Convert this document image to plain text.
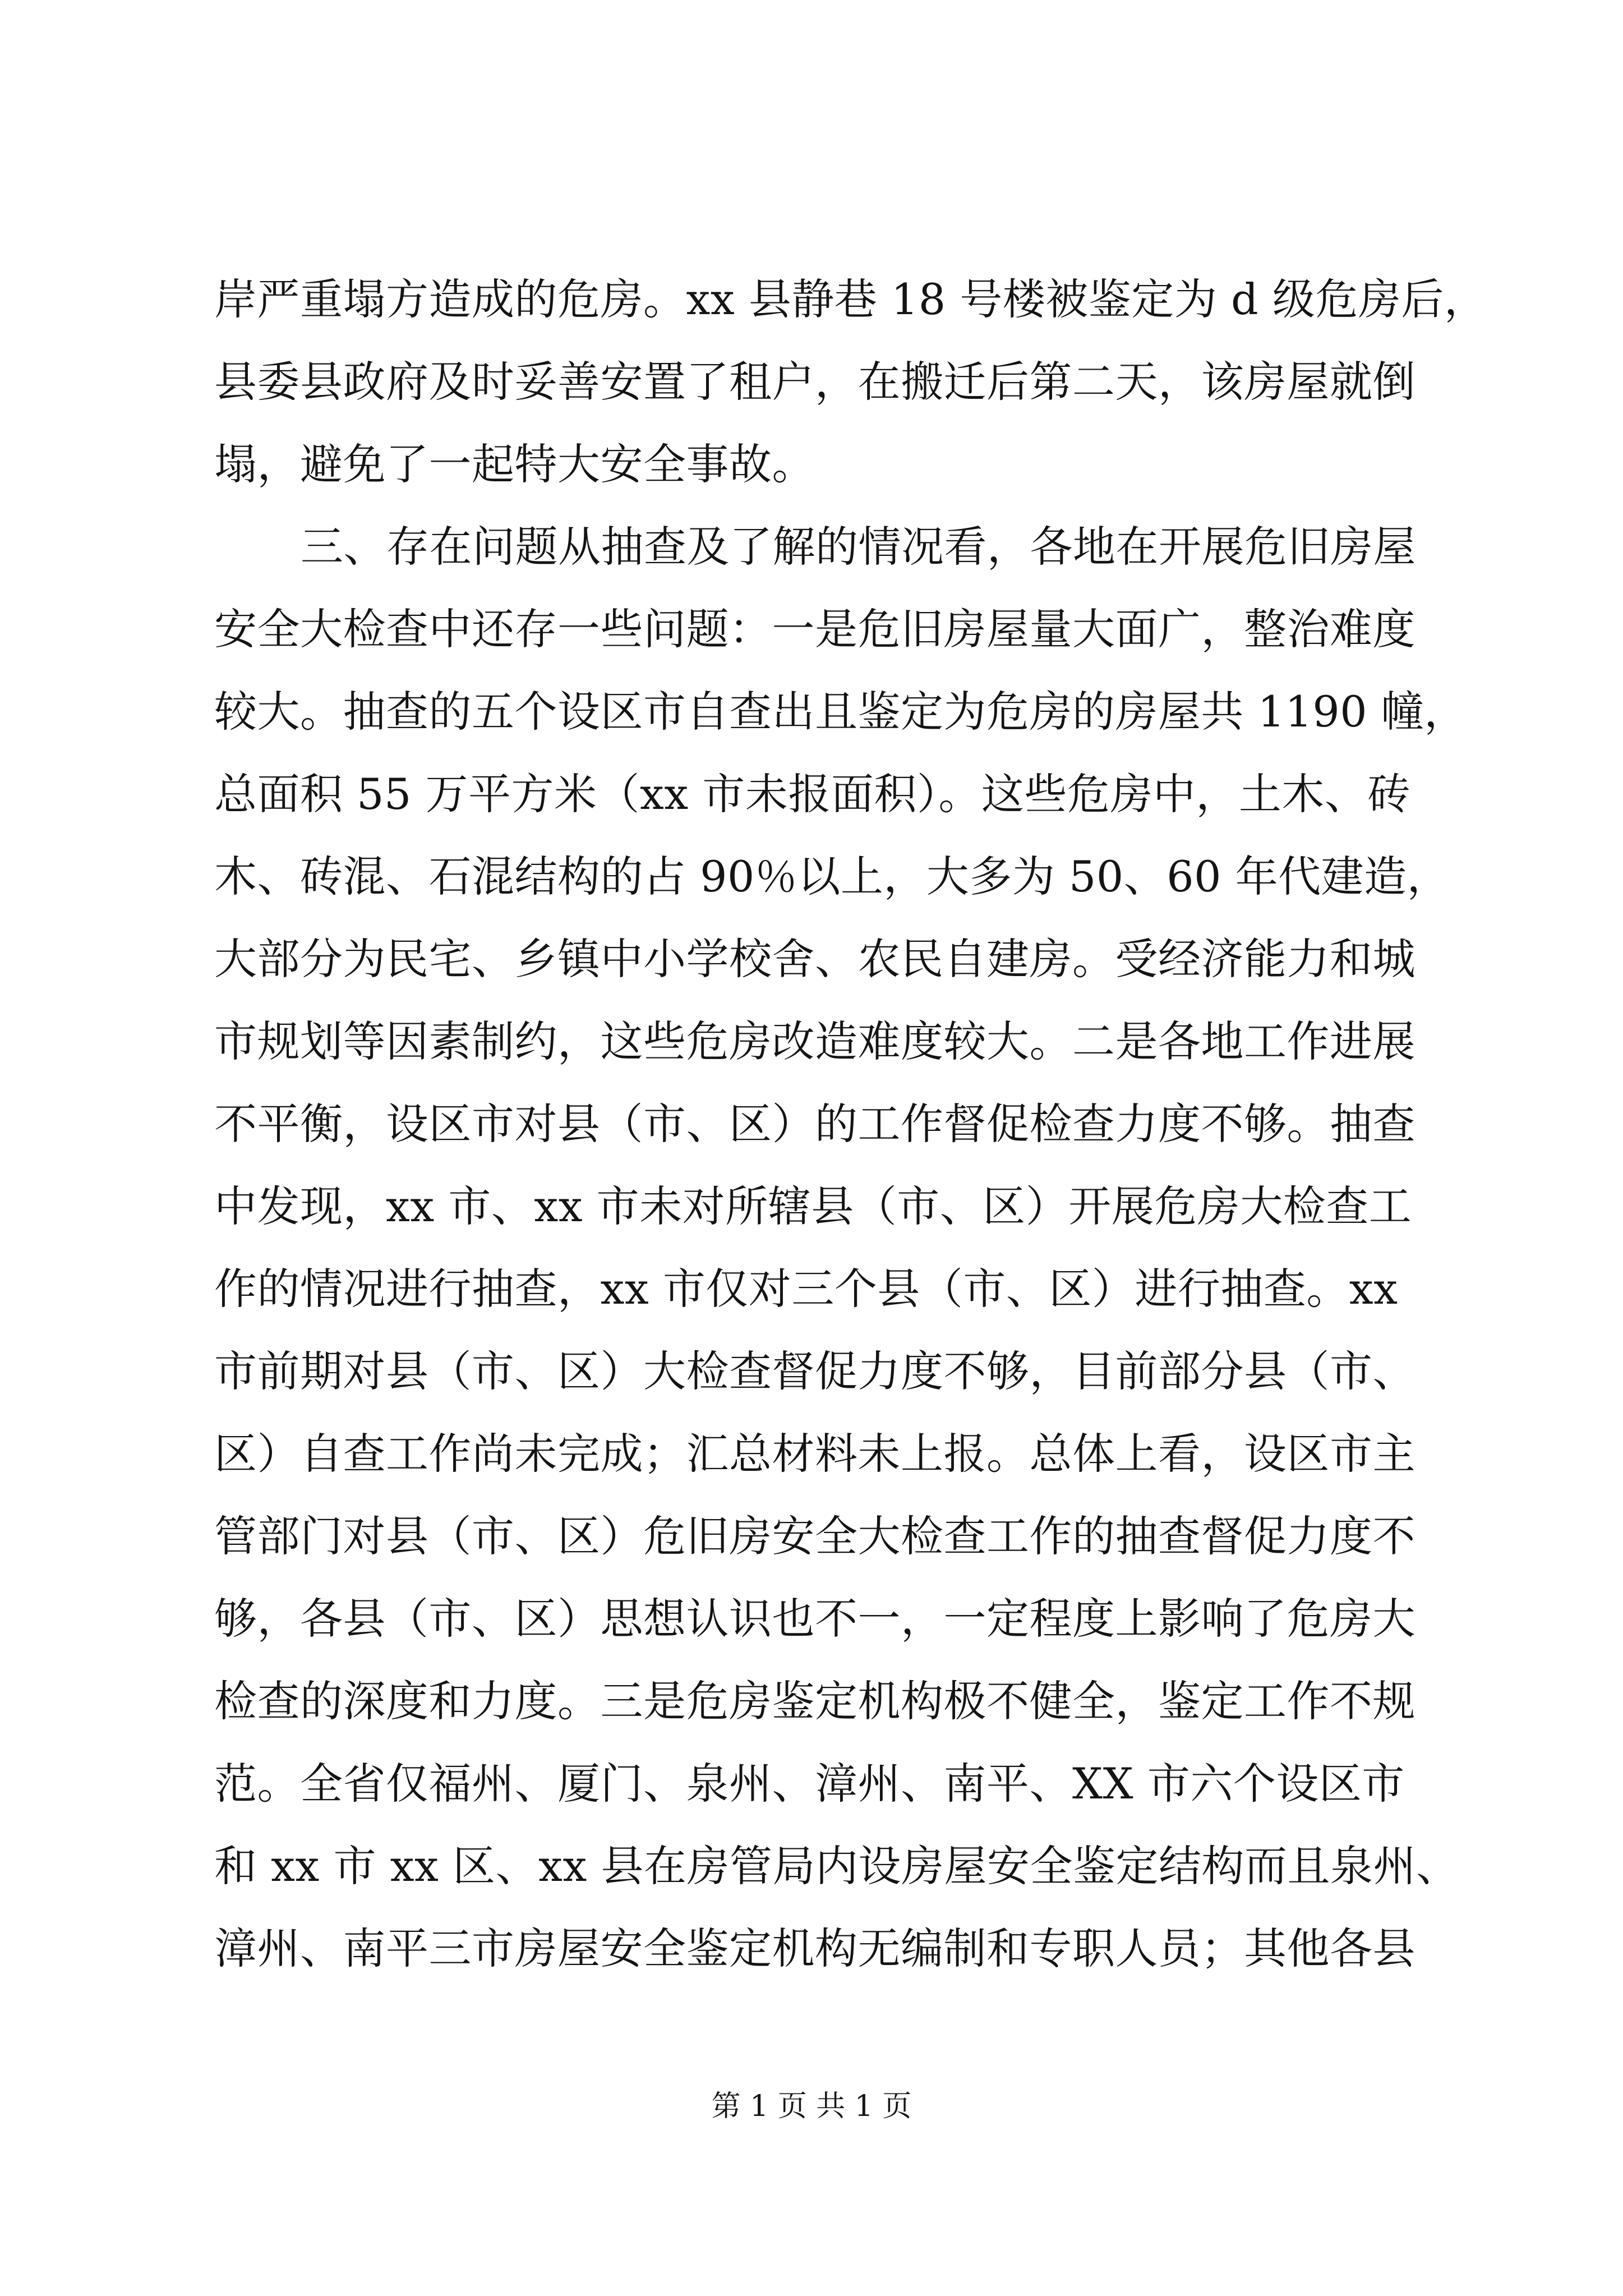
岸严重塌方造成的危房。xx 县静巷 18 号楼被鉴定为 d 级危房后，
县委县政府及时妥善安置了租户，在搬迁后第二天，该房屋就倒
塌，避免了一起特大安全事故。
三、存在问题从抽查及了解的情况看，各地在开展危旧房屋
安全大检查中还存一些问题：一是危旧房屋量大面广，整治难度
较大。抽查的五个设区市自查出且鉴定为危房的房屋共 1190 幢，
总面积 55 万平方米（xx 市未报面积）。这些危房中，土木、砖
木、砖混、石混结构的占 90％以上，大多为 50、60 年代建造，
大部分为民宅、乡镇中小学校舍、农民自建房。受经济能力和城
市规划等因素制约，这些危房改造难度较大。二是各地工作进展
不平衡，设区市对县（市、区）的工作督促检查力度不够。抽查
中发现，xx 市、xx 市未对所辖县（市、区）开展危房大检查工
作的情况进行抽查，xx 市仅对三个县（市、区）进行抽查。xx
市前期对县（市、区）大检查督促力度不够，目前部分县（市、
区）自查工作尚未完成；汇总材料未上报。总体上看，设区市主
管部门对县（市、区）危旧房安全大检查工作的抽查督促力度不
够，各县（市、区）思想认识也不一，一定程度上影响了危房大
检查的深度和力度。三是危房鉴定机构极不健全，鉴定工作不规
范。全省仅福州、厦门、泉州、漳州、南平、XX 市六个设区市
和 xx 市 xx 区、xx 县在房管局内设房屋安全鉴定结构而且泉州、
漳州、南平三市房屋安全鉴定机构无编制和专职人员；其他各县
第 1 页 共 1 页
